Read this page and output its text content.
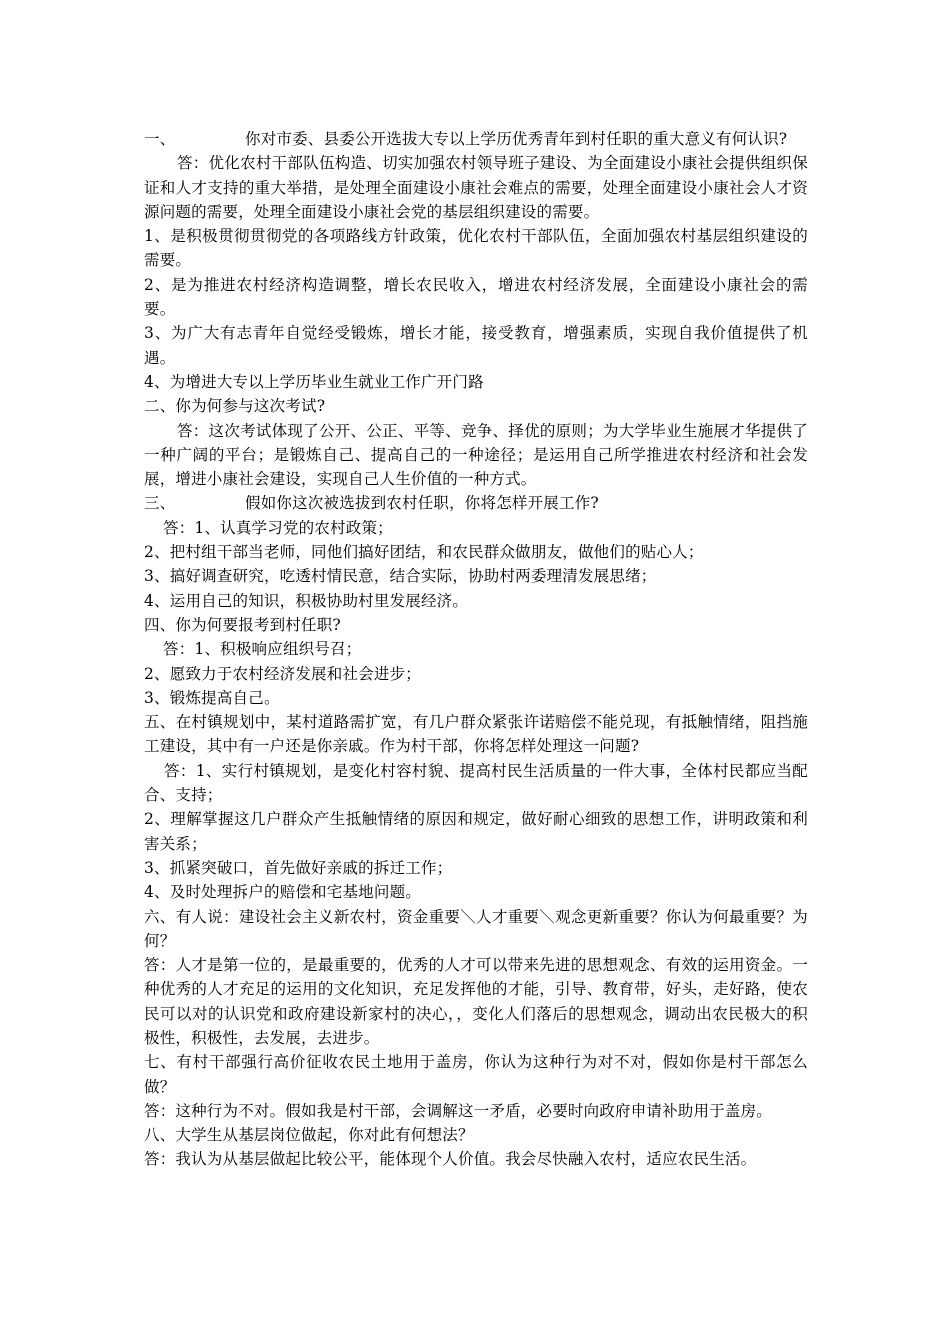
一、	你对市委、县委公开选拔大专以上学历优秀青年到村任职的重大意义有何认识?

答：优化农村干部队伍构造、切实加强农村领导班子建设、为全面建设小康社会提供组织保证和人才支持的重大举措，是处理全面建设小康社会难点的需要，处理全面建设小康社会人才资源问题的需要，处理全面建设小康社会党的基层组织建设的需要。

1、是积极贯彻贯彻党的各项路线方针政策，优化农村干部队伍，全面加强农村基层组织建设的需要。

2、是为推进农村经济构造调整，增长农民收入，增进农村经济发展，全面建设小康社会的需要。

3、为广大有志青年自觉经受锻炼，增长才能，接受教育，增强素质，实现自我价值提供了机遇。

4、为增进大专以上学历毕业生就业工作广开门路

二、你为何参与这次考试?

答：这次考试体现了公开、公正、平等、竞争、择优的原则；为大学毕业生施展才华提供了一种广阔的平台；是锻炼自己、提高自己的一种途径；是运用自己所学推进农村经济和社会发展，增进小康社会建设，实现自己人生价值的一种方式。

三、	假如你这次被选拔到农村任职，你将怎样开展工作?

答：1、认真学习党的农村政策；

2、把村组干部当老师，同他们搞好团结，和农民群众做朋友，做他们的贴心人；

3、搞好调查研究，吃透村情民意，结合实际，协助村两委理清发展思绪；

4、运用自己的知识，积极协助村里发展经济。

四、你为何要报考到村任职?

答：1、积极响应组织号召；

2、愿致力于农村经济发展和社会进步；

3、锻炼提高自己。

五、在村镇规划中，某村道路需扩宽，有几户群众紧张许诺赔偿不能兑现，有抵触情绪，阻挡施工建设，其中有一户还是你亲戚。作为村干部，你将怎样处理这一问题?

答：1、实行村镇规划，是变化村容村貌、提高村民生活质量的一件大事，全体村民都应当配合、支持；

2、理解掌握这几户群众产生抵触情绪的原因和规定，做好耐心细致的思想工作，讲明政策和利害关系；

3、抓紧突破口，首先做好亲戚的拆迁工作；

4、及时处理拆户的赔偿和宅基地问题。

六、有人说：建设社会主义新农村，资金重要＼人才重要＼观念更新重要？你认为何最重要？为何？

答：人才是第一位的，是最重要的，优秀的人才可以带来先进的思想观念、有效的运用资金。一种优秀的人才充足的运用的文化知识，充足发挥他的才能，引导、教育带，好头，走好路，使农民可以对的认识党和政府建设新家村的决心，，变化人们落后的思想观念，调动出农民极大的积极性，积极性，去发展，去进步。

七、有村干部强行高价征收农民土地用于盖房，你认为这种行为对不对，假如你是村干部怎么做？

答：这种行为不对。假如我是村干部，会调解这一矛盾，必要时向政府申请补助用于盖房。

八、大学生从基层岗位做起，你对此有何想法？

答：我认为从基层做起比较公平，能体现个人价值。我会尽快融入农村，适应农民生活。
